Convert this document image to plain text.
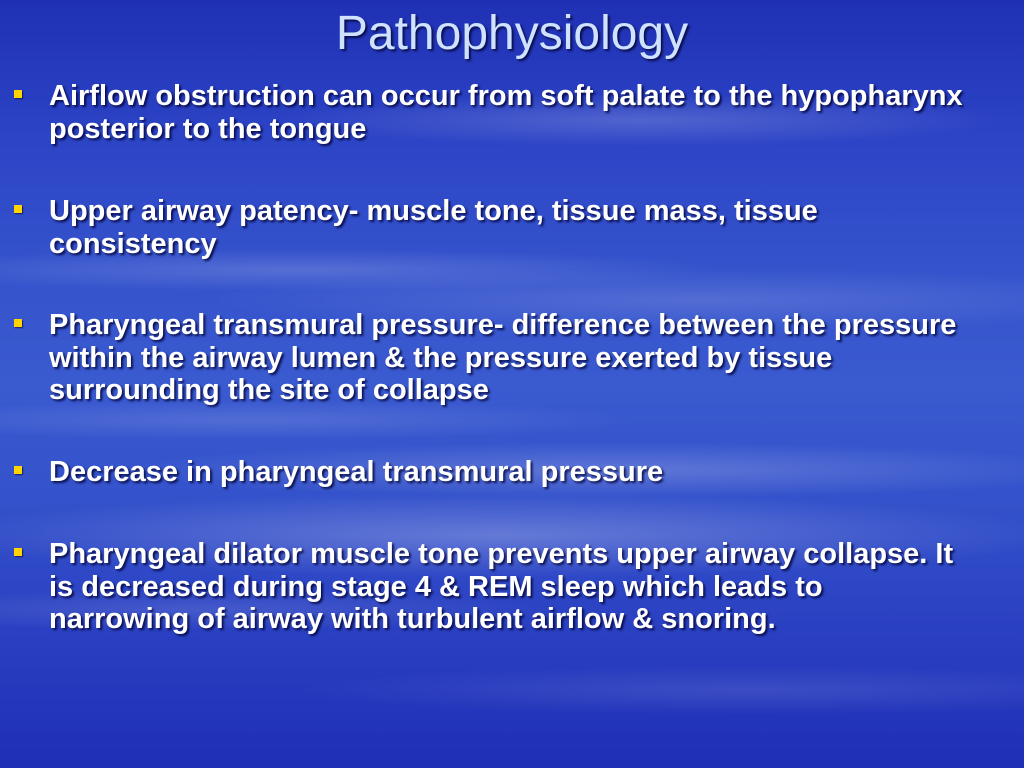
Pathophysiology
Airflow obstruction can occur from soft palate to the hypopharynx posterior to the tongue
Upper airway patency- muscle tone, tissue mass, tissue consistency
Pharyngeal transmural pressure- difference between the pressure within the airway lumen & the pressure exerted by tissue surrounding the site of collapse
Decrease in pharyngeal transmural pressure
Pharyngeal dilator muscle tone prevents upper airway collapse. It is decreased during stage 4 & REM sleep which leads to narrowing of airway with turbulent airflow & snoring.
